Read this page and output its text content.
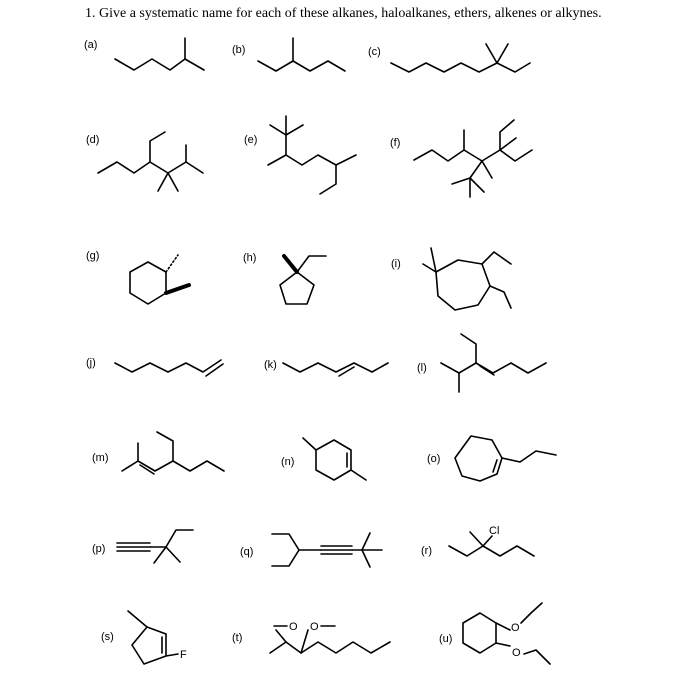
1. Give a systematic name for each of these alkanes, haloalkanes, ethers, alkenes or alkynes.
(a)	(b)	(c)
(d)	(e)	(f)
(g)	(h)	(i)
(j)	(k)	(l)
(m)	(n)	(o)
(p)	(q)	(r)
Cl
(s)
F
(t)
O O
(u)
O
O
